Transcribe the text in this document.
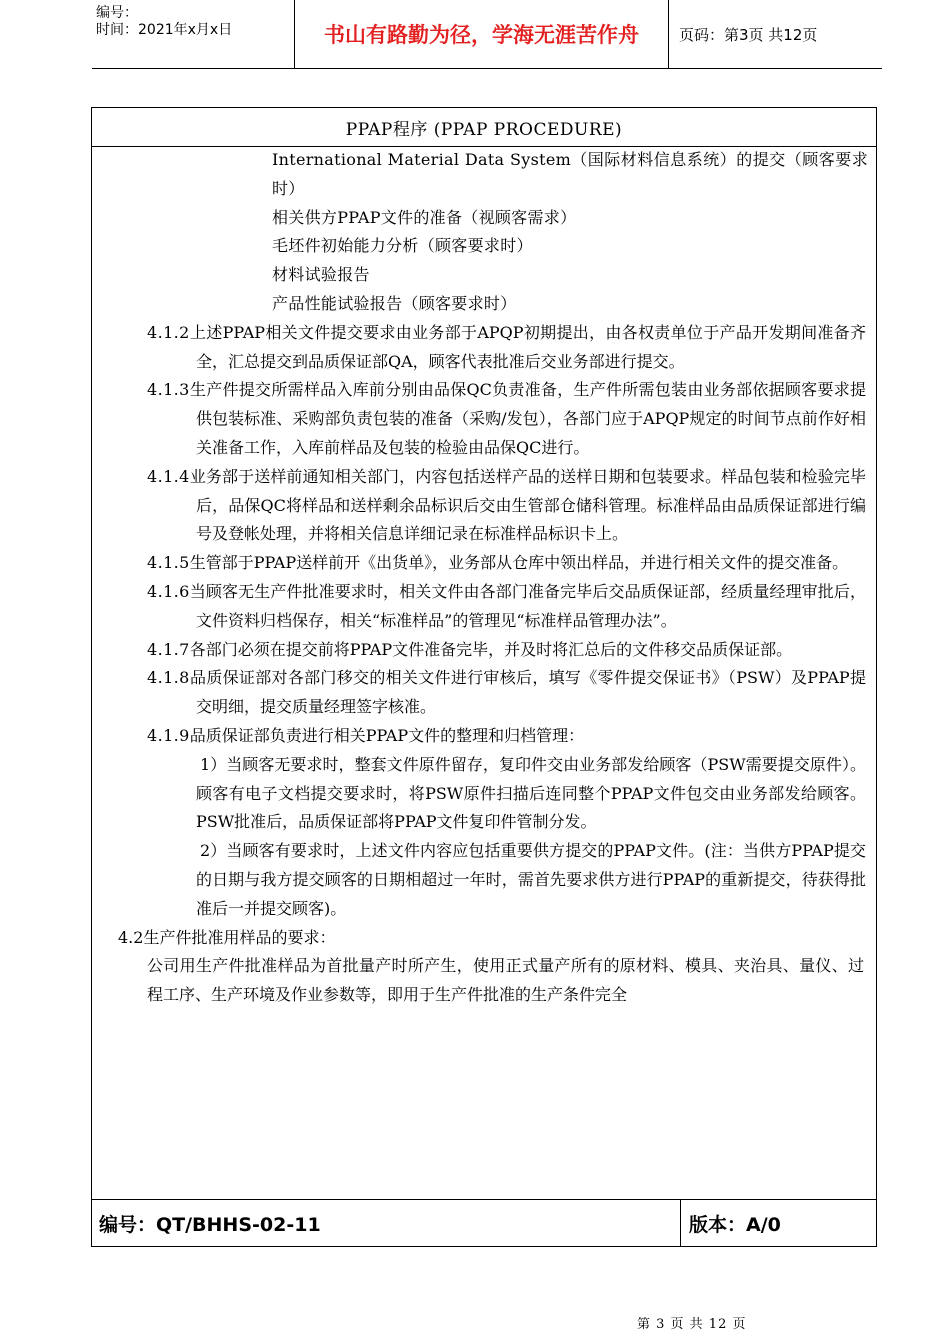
编号：
时间：2021年x月x日	书山有路勤为径，学海无涯苦作舟	页码：第3页 共12页
PPAP程序 (PPAP PROCEDURE)

International Material Data System（国际材料信息系统）的提交（顾客要求时）

相关供方PPAP文件的准备（视顾客需求）

毛坯件初始能力分析（顾客要求时）

材料试验报告

产品性能试验报告（顾客要求时）

4.1.2上述PPAP相关文件提交要求由业务部于APQP初期提出，由各权责单位于产品开发期间准备齐全，汇总提交到品质保证部QA，顾客代表批准后交业务部进行提交。

4.1.3生产件提交所需样品入库前分别由品保QC负责准备，生产件所需包装由业务部依据顾客要求提供包装标准、采购部负责包装的准备（采购/发包），各部门应于APQP规定的时间节点前作好相关准备工作，入库前样品及包装的检验由品保QC进行。

4.1.4业务部于送样前通知相关部门，内容包括送样产品的送样日期和包装要求。样品包装和检验完毕后，品保QC将样品和送样剩余品标识后交由生管部仓储科管理。标准样品由品质保证部进行编号及登帐处理，并将相关信息详细记录在标准样品标识卡上。

4.1.5生管部于PPAP送样前开《出货单》，业务部从仓库中领出样品，并进行相关文件的提交准备。

4.1.6当顾客无生产件批准要求时，相关文件由各部门准备完毕后交品质保证部，经质量经理审批后，文件资料归档保存，相关“标准样品”的管理见“标准样品管理办法”。

4.1.7各部门必须在提交前将PPAP文件准备完毕，并及时将汇总后的文件移交品质保证部。

4.1.8品质保证部对各部门移交的相关文件进行审核后，填写《零件提交保证书》（PSW）及PPAP提交明细，提交质量经理签字核准。

4.1.9品质保证部负责进行相关PPAP文件的整理和归档管理：

1）当顾客无要求时，整套文件原件留存，复印件交由业务部发给顾客（PSW需要提交原件）。顾客有电子文档提交要求时，将PSW原件扫描后连同整个PPAP文件包交由业务部发给顾客。PSW批准后，品质保证部将PPAP文件复印件管制分发。

2）当顾客有要求时，上述文件内容应包括重要供方提交的PPAP文件。(注：当供方PPAP提交的日期与我方提交顾客的日期相超过一年时，需首先要求供方进行PPAP的重新提交，待获得批准后一并提交顾客)。

4.2生产件批准用样品的要求：

公司用生产件批准样品为首批量产时所产生，使用正式量产所有的原材料、模具、夹治具、量仪、过程工序、生产环境及作业参数等，即用于生产件批准的生产条件完全

编号：QT/BHHS-02-11	版本：A/0
第 3 页 共 12 页
